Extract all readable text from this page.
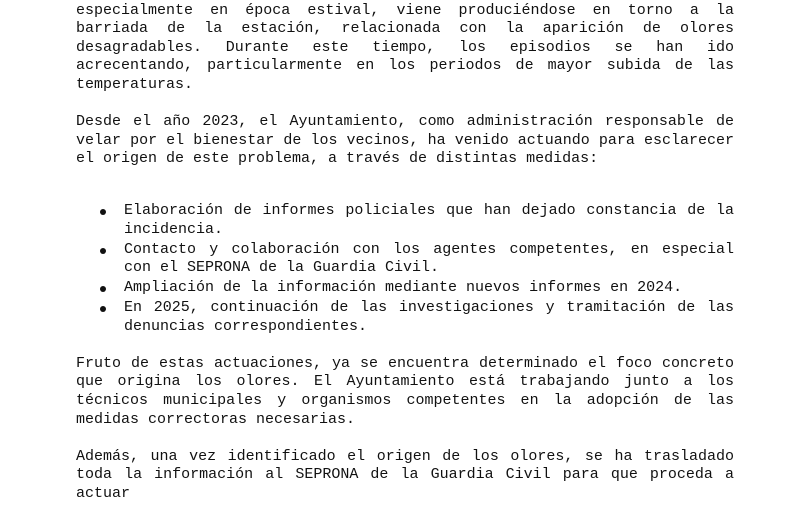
especialmente en época estival, viene produciéndose en torno a la barriada de la estación, relacionada con la aparición de olores desagradables. Durante este tiempo, los episodios se han ido acrecentando, particularmente en los periodos de mayor subida de las temperaturas.

Desde el año 2023, el Ayuntamiento, como administración responsable de velar por el bienestar de los vecinos, ha venido actuando para esclarecer el origen de este problema, a través de distintas medidas:

Elaboración de informes policiales que han dejado constancia de la incidencia.
Contacto y colaboración con los agentes competentes, en especial con el SEPRONA de la Guardia Civil.
Ampliación de la información mediante nuevos informes en 2024.
En 2025, continuación de las investigaciones y tramitación de las denuncias correspondientes.

Fruto de estas actuaciones, ya se encuentra determinado el foco concreto que origina los olores. El Ayuntamiento está trabajando junto a los técnicos municipales y organismos competentes en la adopción de las medidas correctoras necesarias.

Además, una vez identificado el origen de los olores, se ha trasladado toda la información al SEPRONA de la Guardia Civil para que proceda a actuar
